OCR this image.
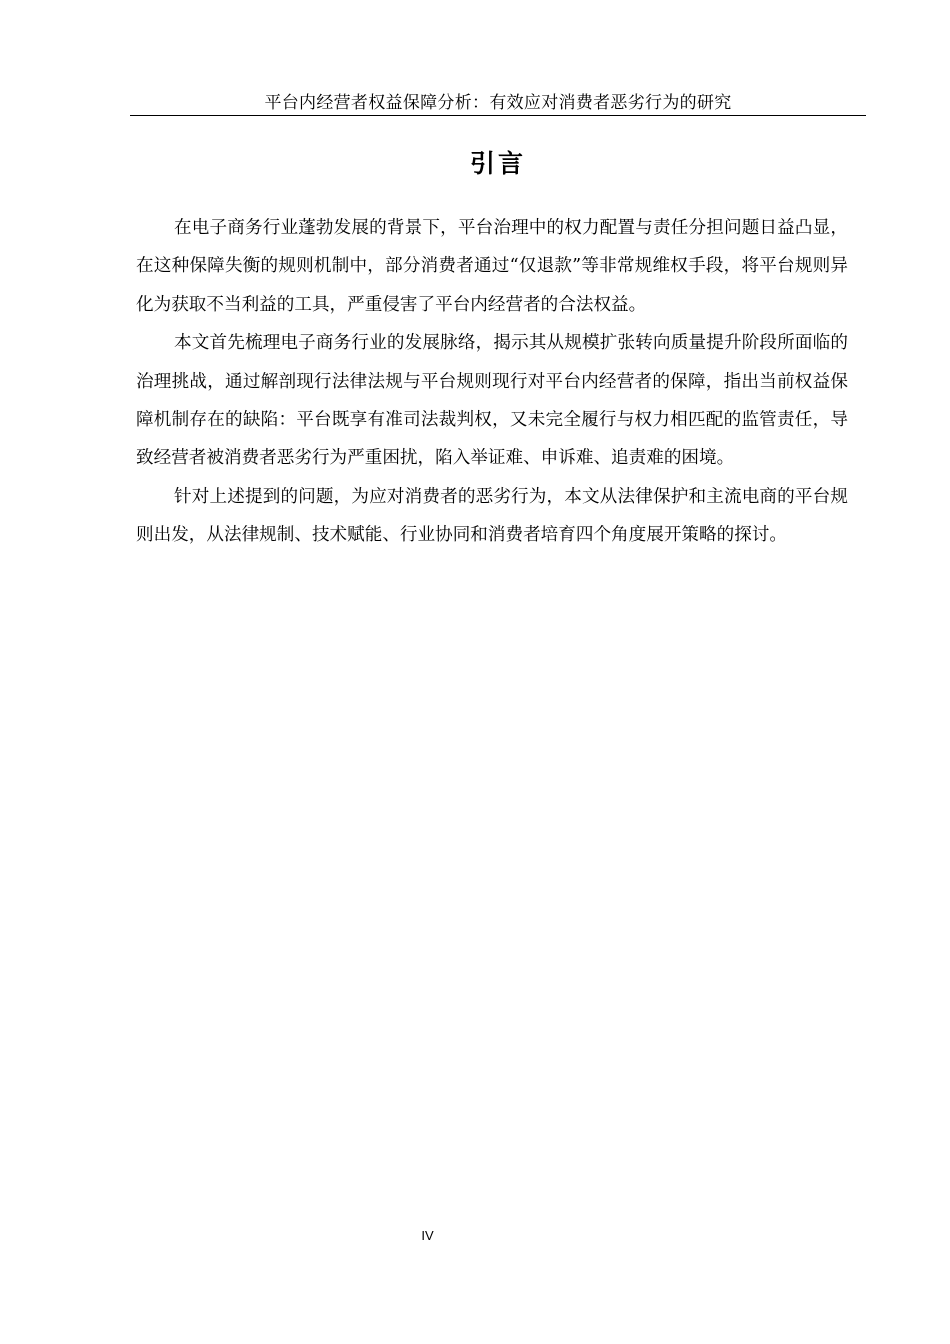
平台内经营者权益保障分析：有效应对消费者恶劣行为的研究
引言

在电子商务行业蓬勃发展的背景下，平台治理中的权力配置与责任分担问题日益凸显，在这种保障失衡的规则机制中，部分消费者通过“仅退款”等非常规维权手段，将平台规则异化为获取不当利益的工具，严重侵害了平台内经营者的合法权益。

本文首先梳理电子商务行业的发展脉络，揭示其从规模扩张转向质量提升阶段所面临的治理挑战，通过解剖现行法律法规与平台规则现行对平台内经营者的保障，指出当前权益保障机制存在的缺陷：平台既享有准司法裁判权，又未完全履行与权力相匹配的监管责任，导致经营者被消费者恶劣行为严重困扰，陷入举证难、申诉难、追责难的困境。

针对上述提到的问题，为应对消费者的恶劣行为，本文从法律保护和主流电商的平台规则出发，从法律规制、技术赋能、行业协同和消费者培育四个角度展开策略的探讨。

IV
